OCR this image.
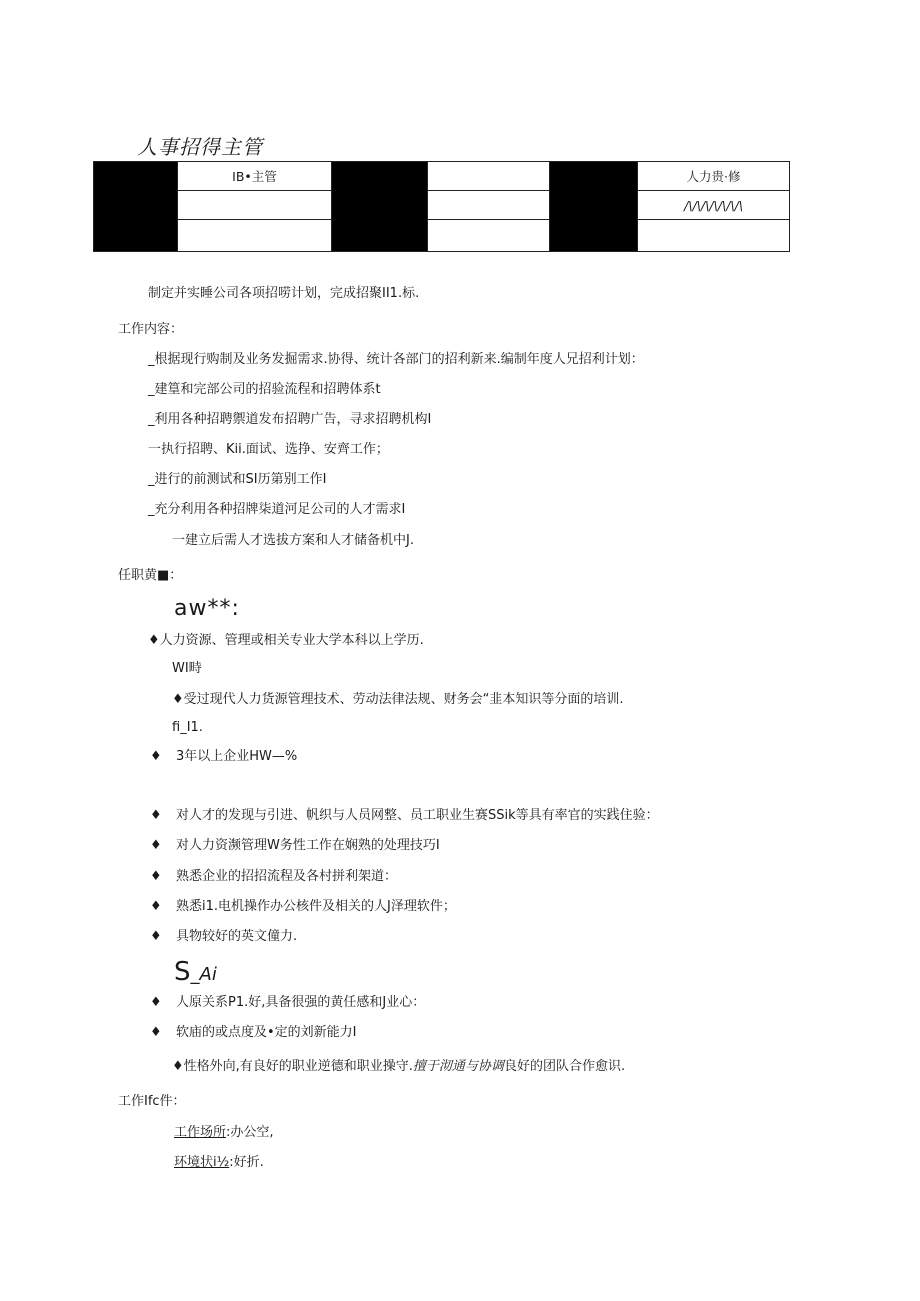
人事招得主管
	IB•主管				人力贵·修
					/\/\/\/\/\/\/\

制定并实睡公司各项招唠计划，完成招聚II1.标.
工作内容：
_根据现行购制及业务发掘需求.协得、统计各部门的招利新来.编制年度人兄招利计划：
_建篁和完部公司的招验流程和招聘体系t
_利用各种招聘禦道发布招聘广告，寻求招聘机构I
一执行招聘、Kii.面试、选挣、安齊工作；
_进行的前测试和SI历第别工作I
_充分利用各种招牌柒道河足公司的人才需求I
一建立后需人才选拔方案和人才储备机中J.
任职黄■：
aw**:
♦人力资源、管理或相关专业大学本科以上学历.
WI畤
♦受过现代人力货源管理技术、劳动法律法规、财务会“韭本知识等分面的培训.
fi_I1.
♦ 3年以上企业HW—%
♦ 对人才的发现与引进、帆织与人员网整、员工职业生赛SSik等具有率官的实践住验：
♦ 对人力资濒管理W务性工作在娴熟的处理技巧I
♦ 熟悉企业的招招流程及各村拼利架道：
♦ 熟悉i1.电机操作办公核件及相关的人J泽理软件；
♦ 具物较好的英文僮力.
S_Ai
♦ 人原关系P1.好,具备很强的黄任感和J业心：
♦ 软庙的或点度及•定的刘新能力I
♦性格外向,有良好的职业逆德和职业操守.擅于沏通与协调良好的团队合作愈识.
工作Ifc件：
工作场所:办公空,
环境状i½:好折.
